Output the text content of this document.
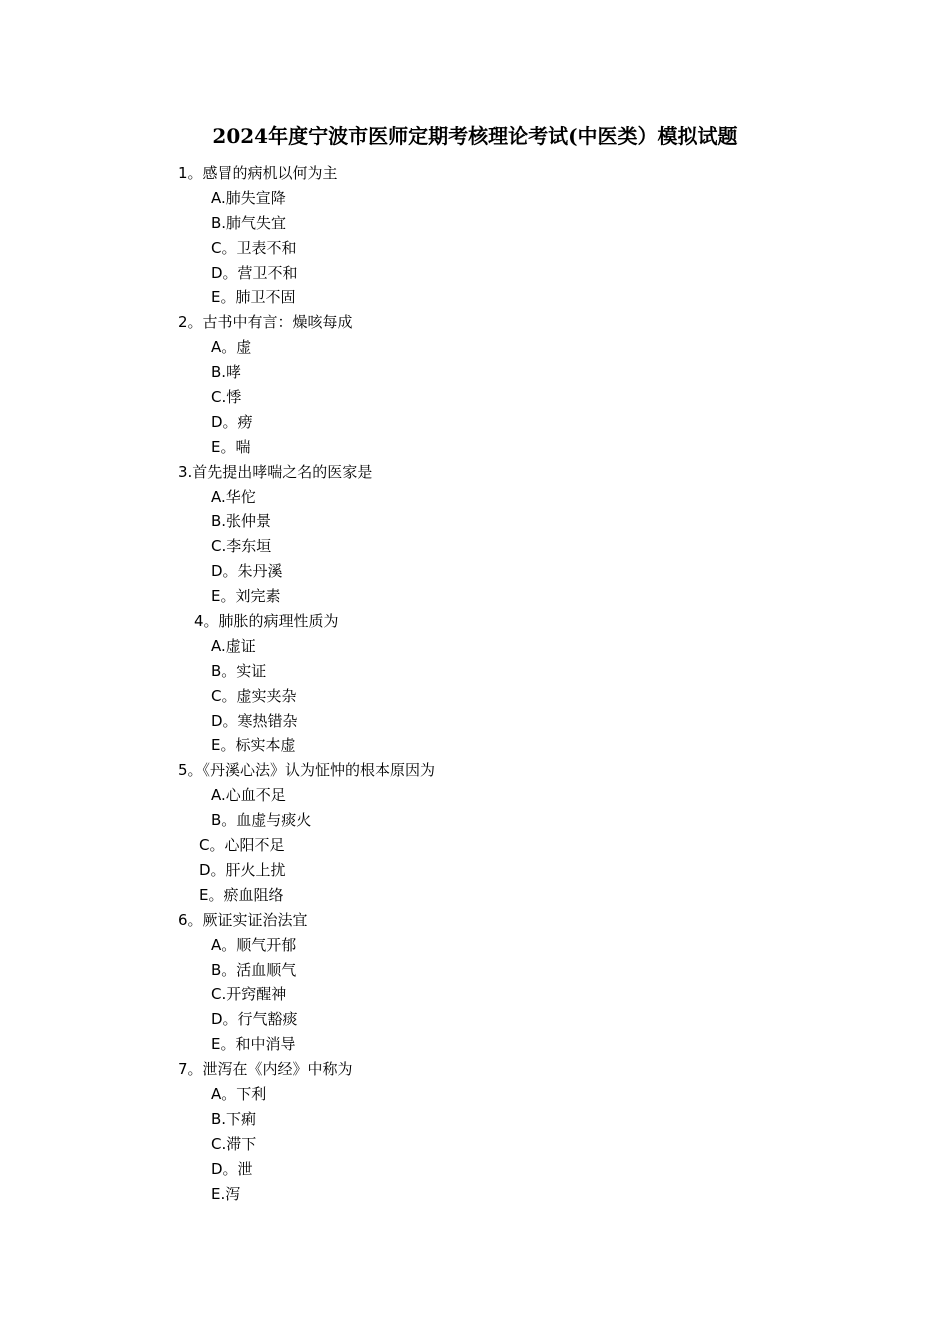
2024年度宁波市医师定期考核理论考试(中医类）模拟试题
1。感冒的病机以何为主
A.肺失宣降
B.肺气失宜
C。卫表不和
D。营卫不和
E。肺卫不固
2。古书中有言：燥咳每成
A。虚
B.哮
C.悸
D。痨
E。喘
3.首先提出哮喘之名的医家是
A.华佗
B.张仲景
C.李东垣
D。朱丹溪
E。刘完素
4。肺胀的病理性质为
A.虚证
B。实证
C。虚实夹杂
D。寒热错杂
E。标实本虚
5。《丹溪心法》认为怔忡的根本原因为
A.心血不足
B。血虚与痰火
C。心阳不足
D。肝火上扰
E。瘀血阻络
6。厥证实证治法宜
A。顺气开郁
B。活血顺气
C.开窍醒神
D。行气豁痰
E。和中消导
7。泄泻在《内经》中称为
A。下利
B.下痢
C.滞下
D。泄
E.泻
